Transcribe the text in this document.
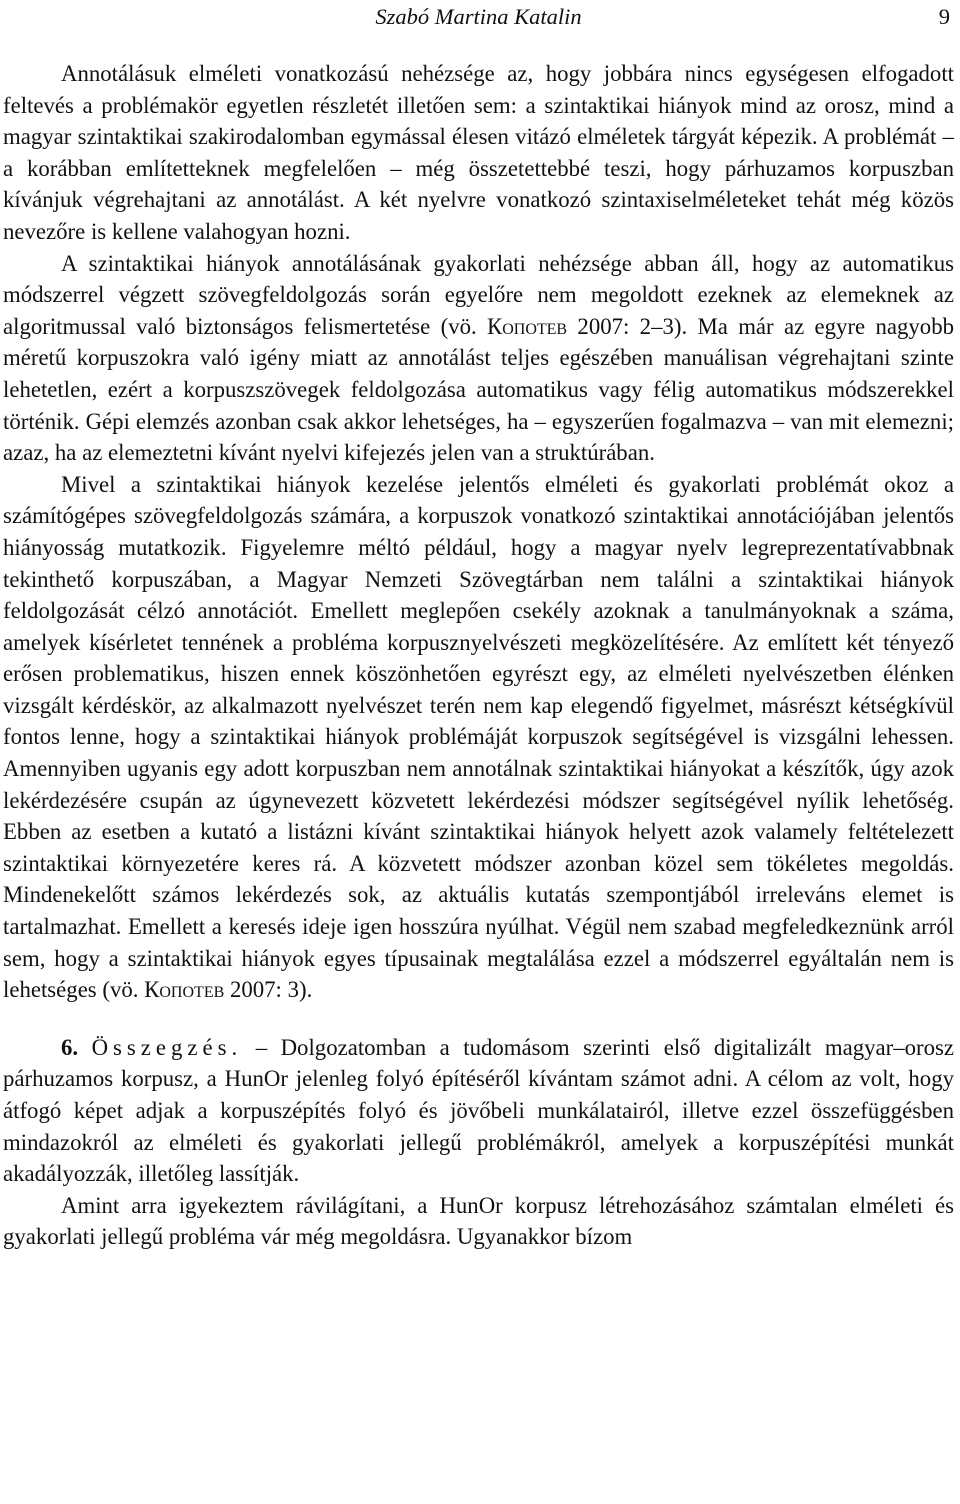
Szabó Martina Katalin	9

Annotálásuk elméleti vonatkozású nehézsége az, hogy jobbára nincs egységesen elfogadott feltevés a problémakör egyetlen részletét illetően sem: a szintaktikai hiányok mind az orosz, mind a magyar szintaktikai szakirodalomban egymással élesen vitázó elméletek tárgyát képezik. A problémát – a korábban említetteknek megfelelően – még összetettebbé teszi, hogy párhuzamos korpuszban kívánjuk végrehajtani az annotálást. A két nyelvre vonatkozó szintaxiselméleteket tehát még közös nevezőre is kellene valahogyan hozni.

A szintaktikai hiányok annotálásának gyakorlati nehézsége abban áll, hogy az automatikus módszerrel végzett szövegfeldolgozás során egyelőre nem megoldott ezeknek az elemeknek az algoritmussal való biztonságos felismertetése (vö. Копотев 2007: 2–3). Ma már az egyre nagyobb méretű korpuszokra való igény miatt az annotálást teljes egészében manuálisan végrehajtani szinte lehetetlen, ezért a korpuszszövegek feldolgozása automatikus vagy félig automatikus módszerekkel történik. Gépi elemzés azonban csak akkor lehetséges, ha – egyszerűen fogalmazva – van mit elemezni; azaz, ha az elemeztetni kívánt nyelvi kifejezés jelen van a struktúrában.

Mivel a szintaktikai hiányok kezelése jelentős elméleti és gyakorlati problémát okoz a számítógépes szövegfeldolgozás számára, a korpuszok vonatkozó szintaktikai annotációjában jelentős hiányosság mutatkozik. Figyelemre méltó például, hogy a magyar nyelv legreprezentatívabbnak tekinthető korpuszában, a Magyar Nemzeti Szövegtárban nem találni a szintaktikai hiányok feldolgozását célzó annotációt. Emellett meglepően csekély azoknak a tanulmányoknak a száma, amelyek kísérletet tennének a probléma korpusznyelvészeti megközelítésére. Az említett két tényező erősen problematikus, hiszen ennek köszönhetően egyrészt egy, az elméleti nyelvészetben élénken vizsgált kérdéskör, az alkalmazott nyelvészet terén nem kap elegendő figyelmet, másrészt kétségkívül fontos lenne, hogy a szintaktikai hiányok problémáját korpuszok segítségével is vizsgálni lehessen. Amennyiben ugyanis egy adott korpuszban nem annotálnak szintaktikai hiányokat a készítők, úgy azok lekérdezésére csupán az úgynevezett közvetett lekérdezési módszer segítségével nyílik lehetőség. Ebben az esetben a kutató a listázni kívánt szintaktikai hiányok helyett azok valamely feltételezett szintaktikai környezetére keres rá. A közvetett módszer azonban közel sem tökéletes megoldás. Mindenekelőtt számos lekérdezés sok, az aktuális kutatás szempontjából irreleváns elemet is tartalmazhat. Emellett a keresés ideje igen hosszúra nyúlhat. Végül nem szabad megfeledkeznünk arról sem, hogy a szintaktikai hiányok egyes típusainak megtalálása ezzel a módszerrel egyáltalán nem is lehetséges (vö. Копотев 2007: 3).

6. Összegzés. – Dolgozatomban a tudomásom szerinti első digitalizált magyar–orosz párhuzamos korpusz, a HunOr jelenleg folyó építéséről kívántam számot adni. A célom az volt, hogy átfogó képet adjak a korpuszépítés folyó és jövőbeli munkálatairól, illetve ezzel összefüggésben mindazokról az elméleti és gyakorlati jellegű problémákról, amelyek a korpuszépítési munkát akadályozzák, illetőleg lassítják.

Amint arra igyekeztem rávilágítani, a HunOr korpusz létrehozásához számtalan elméleti és gyakorlati jellegű probléma vár még megoldásra. Ugyanakkor bízom
